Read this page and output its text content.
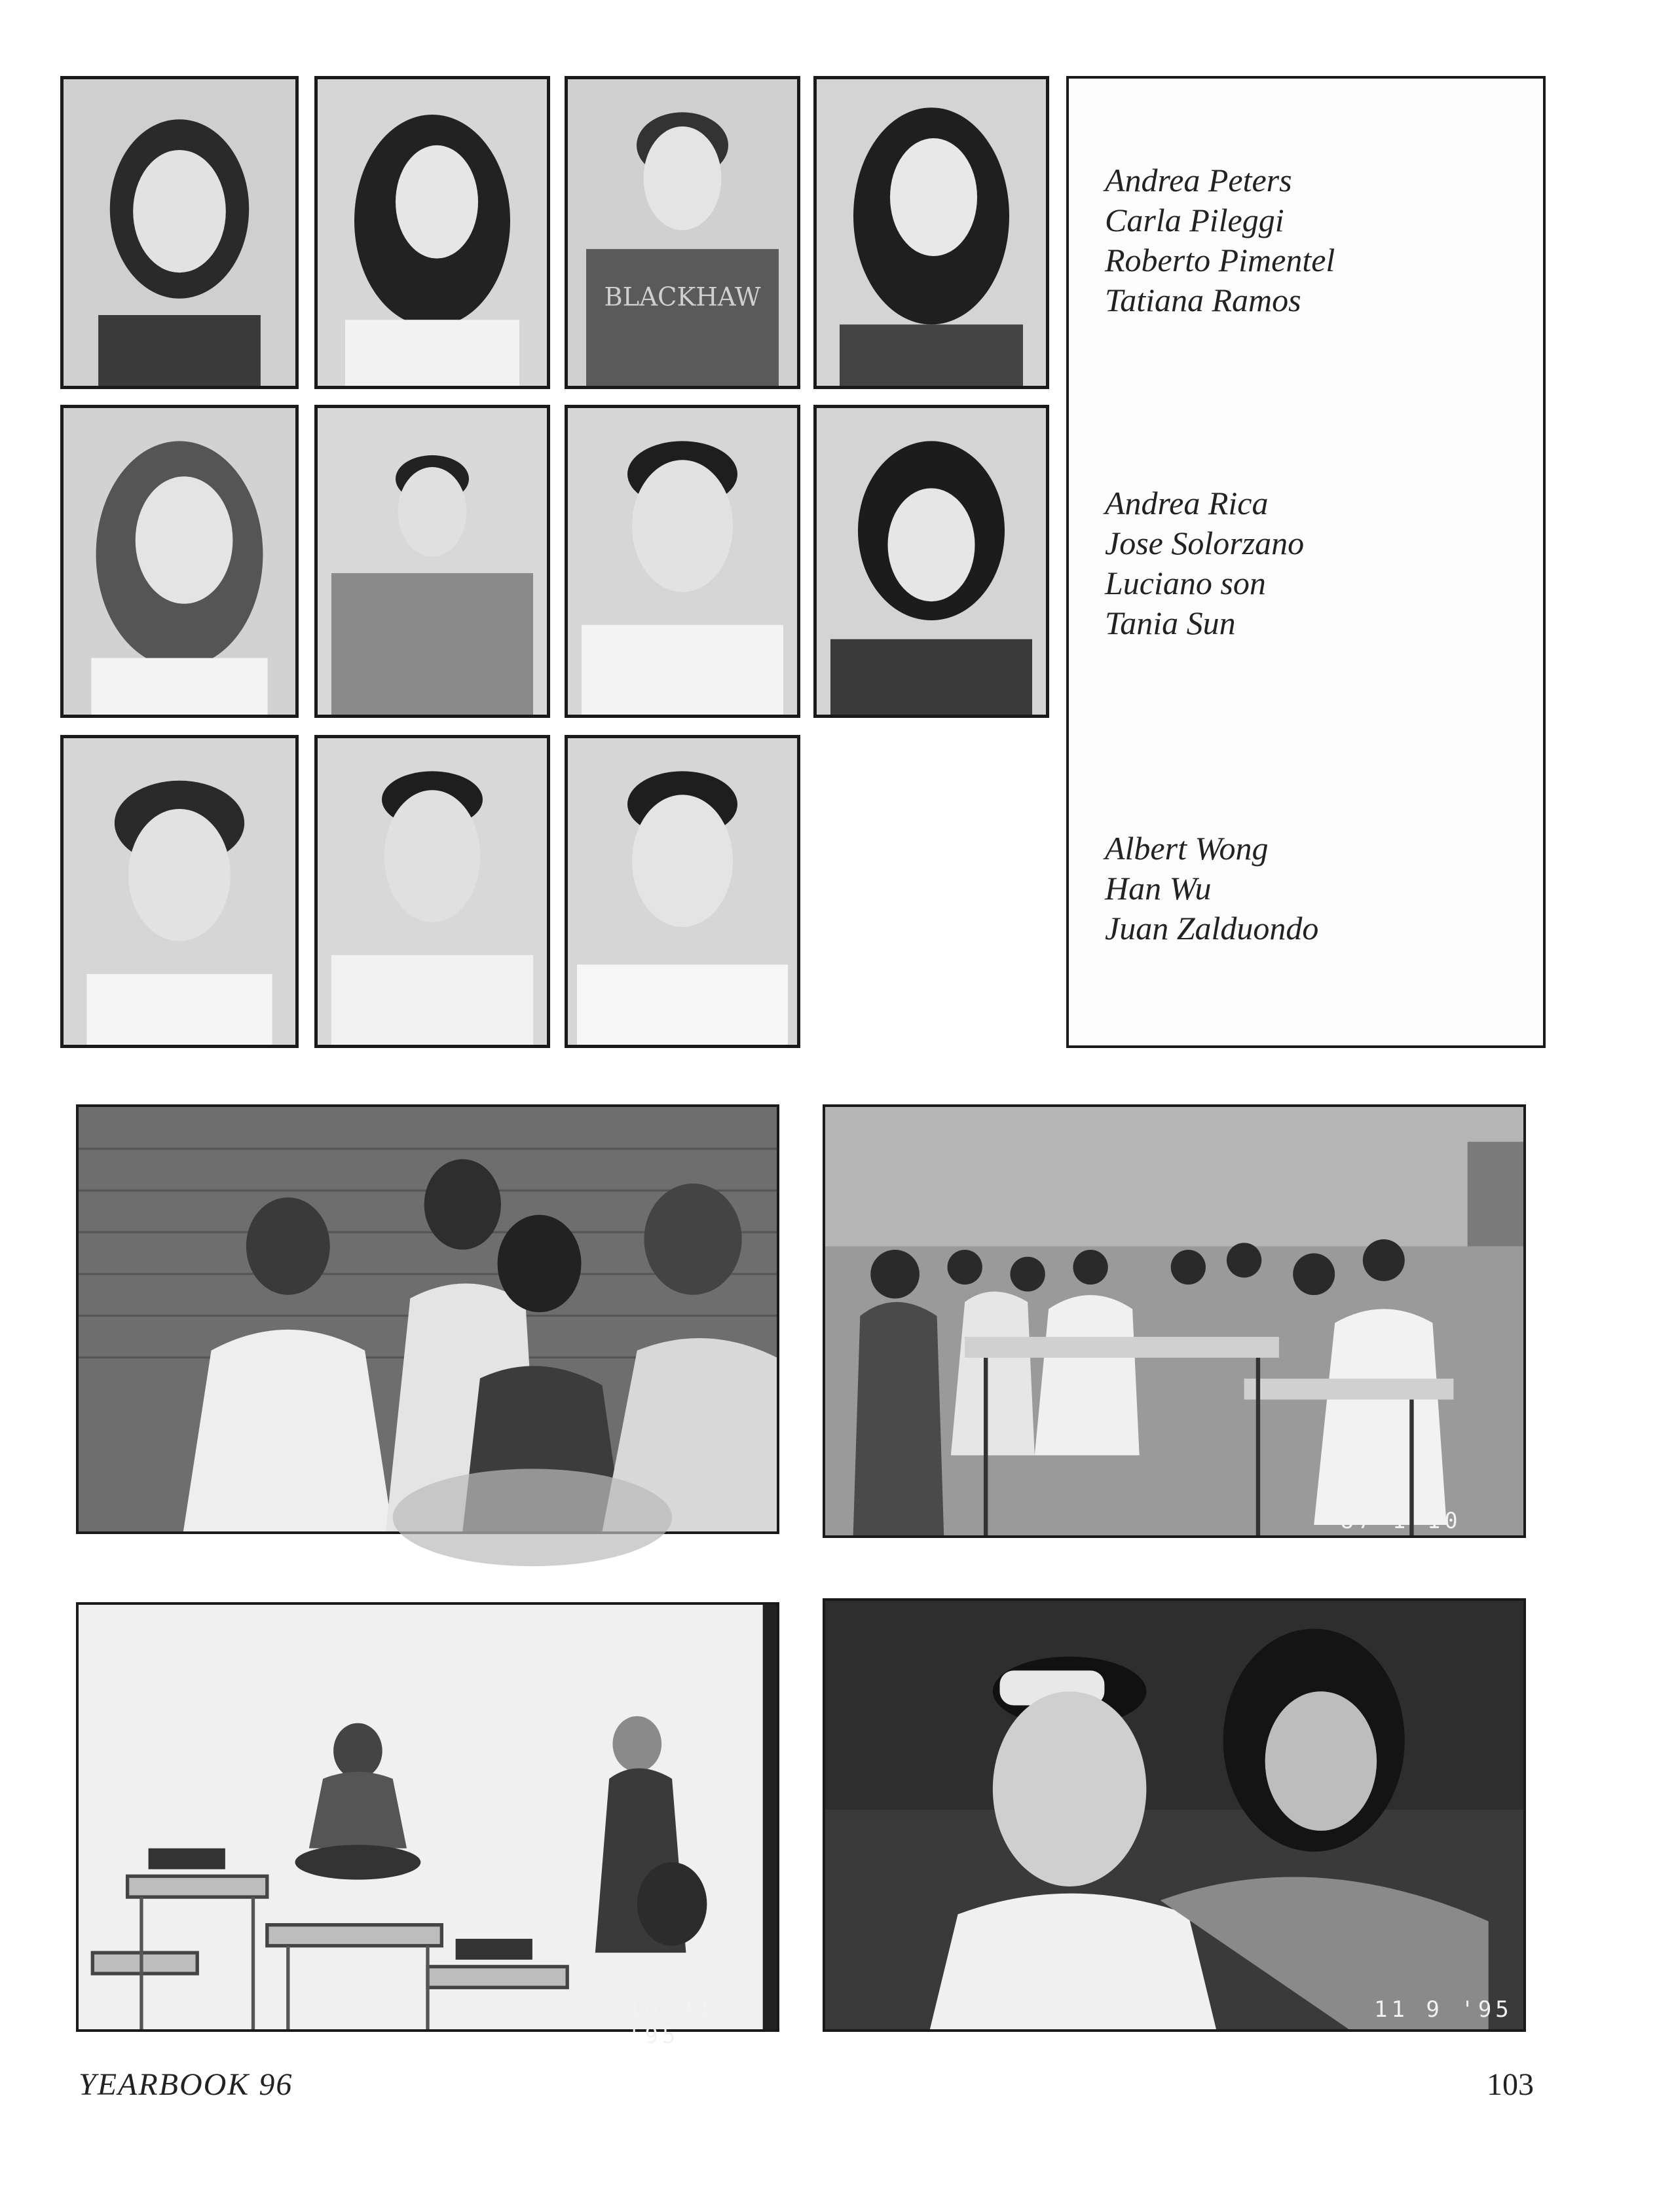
BLACKHAW
Andrea Peters
Carla Pileggi
Roberto Pimentel
Tatiana Ramos
Andrea Rica
Jose Solorzano
Luciano son
Tania Sun
Albert Wong
Han Wu
Juan Zalduondo
'87 1 10
10 31 '95
11 9 '95
YEARBOOK 96	103
